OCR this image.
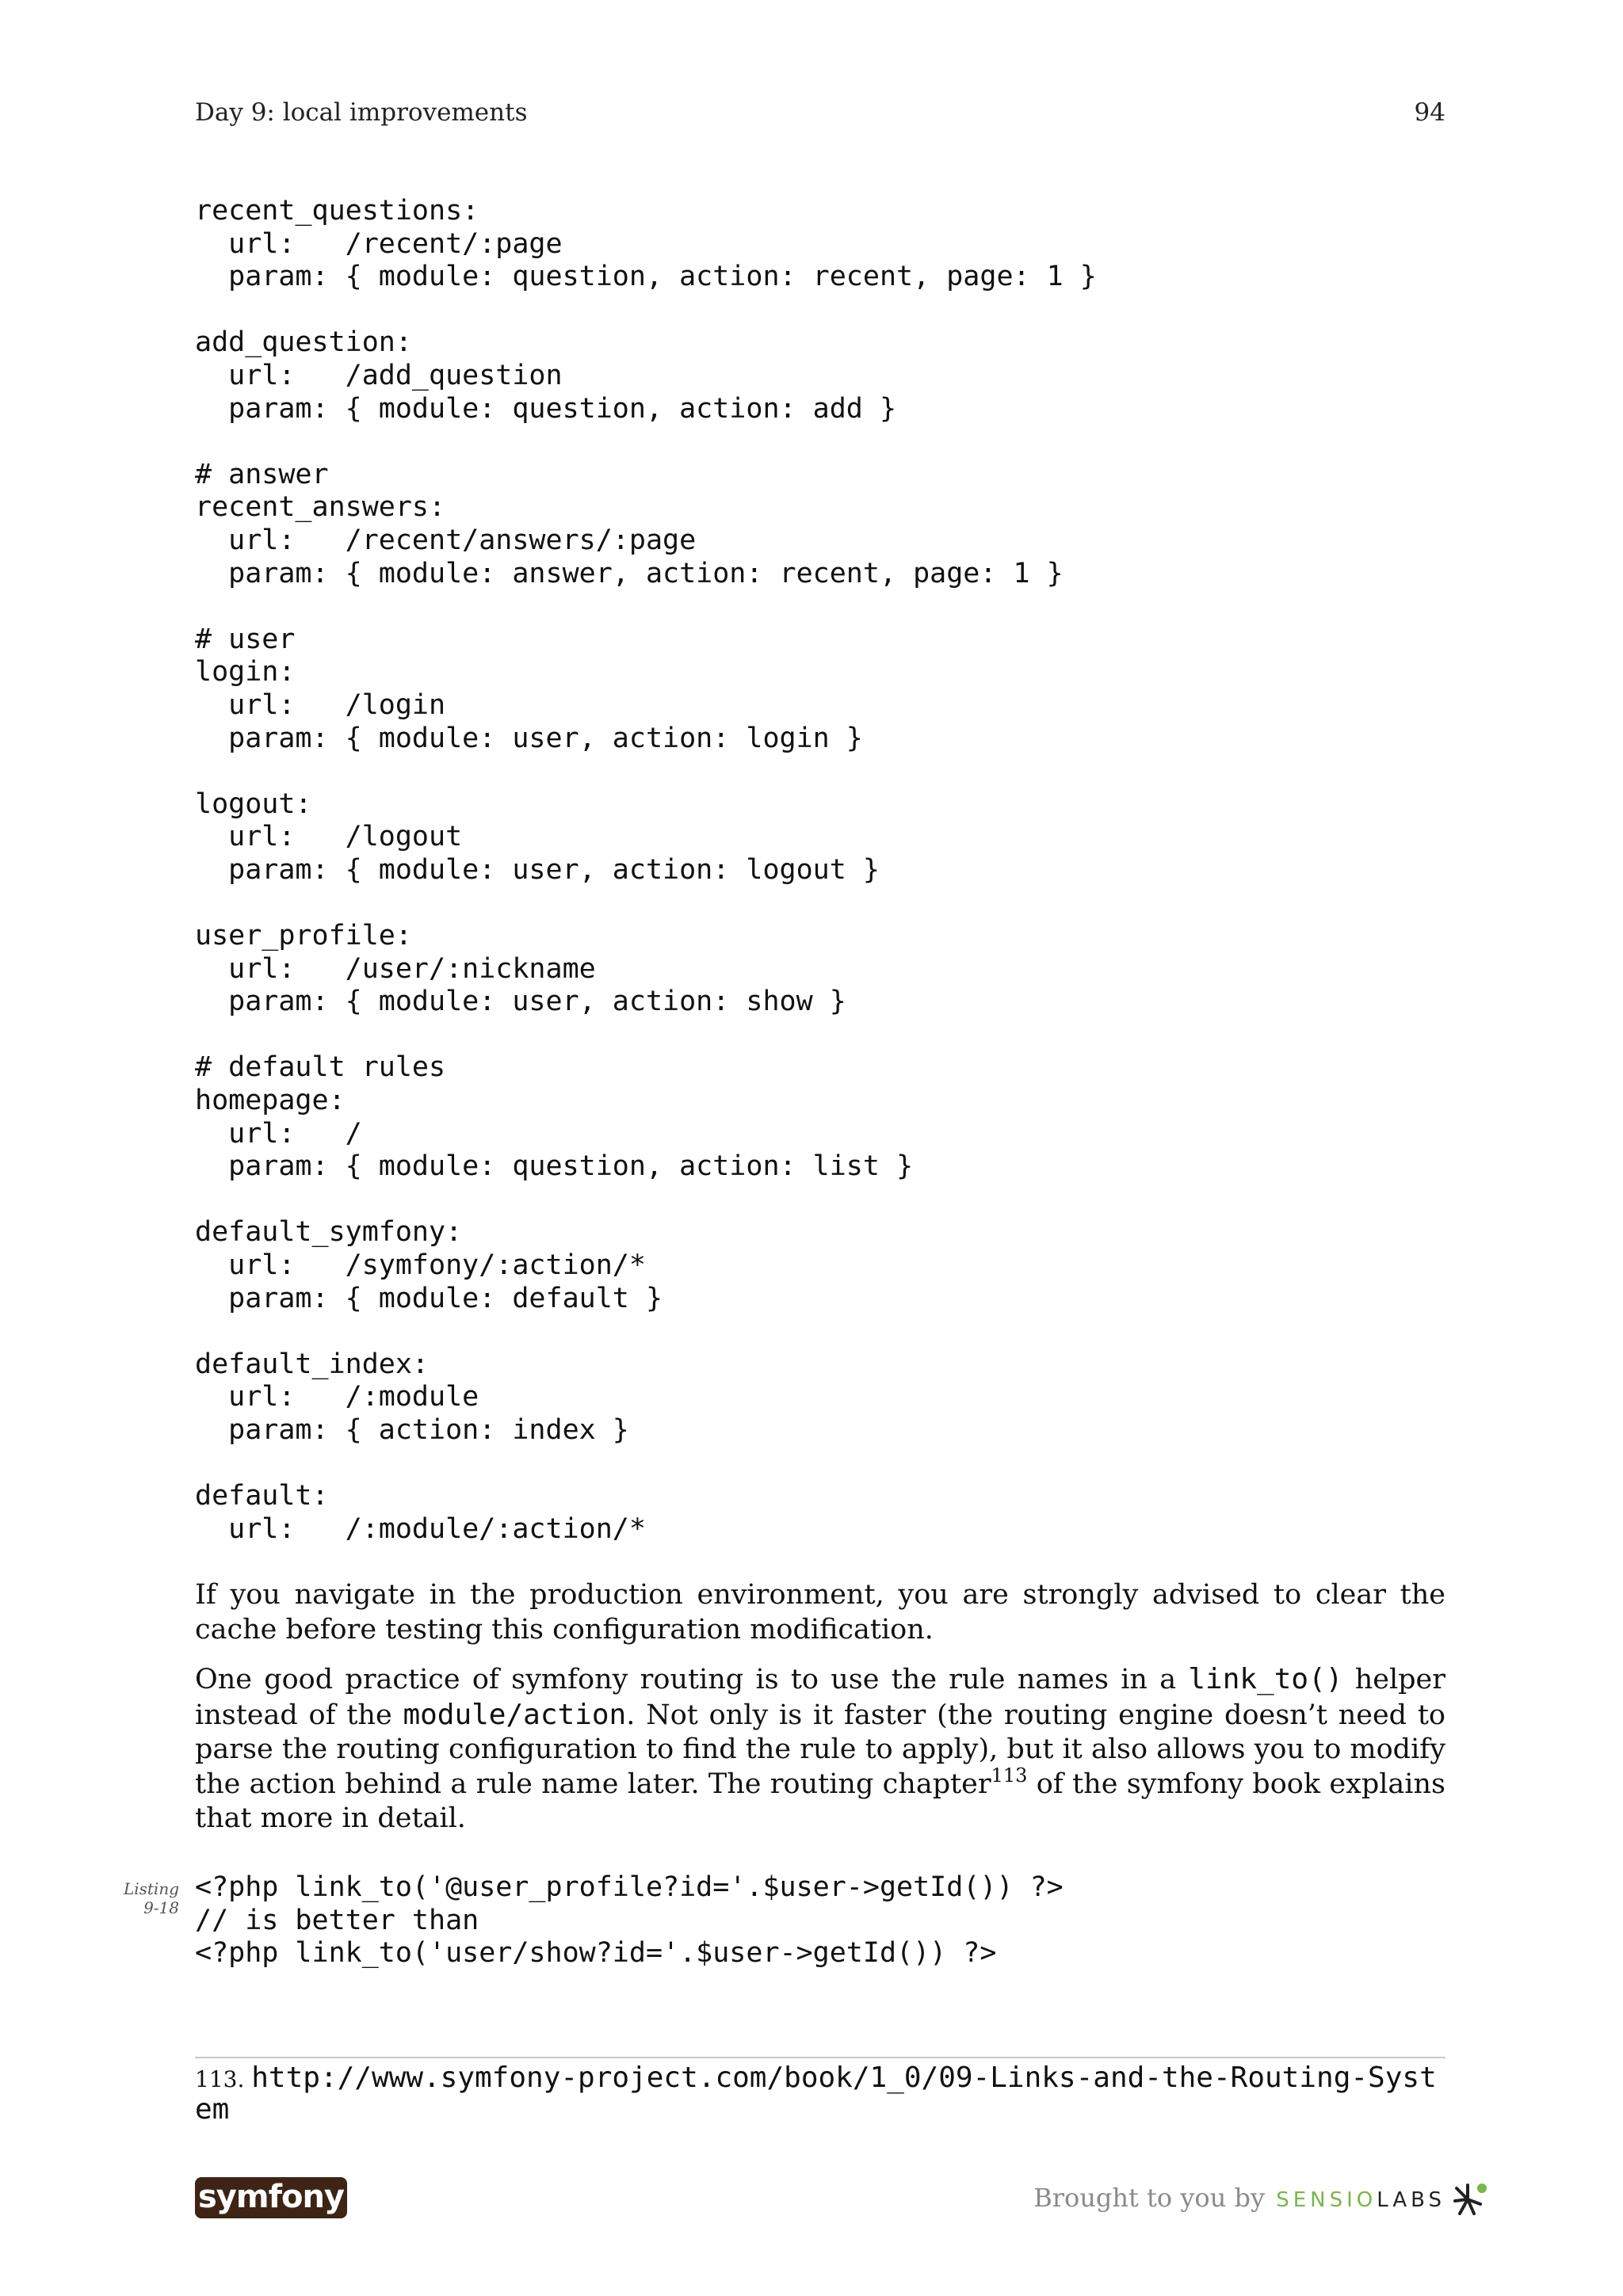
Day 9: local improvements	94
recent_questions:
url:   /recent/:page
param: { module: question, action: recent, page: 1 }

add_question:
url:   /add_question
param: { module: question, action: add }

# answer
recent_answers:
url:   /recent/answers/:page
param: { module: answer, action: recent, page: 1 }

# user
login:
url:   /login
param: { module: user, action: login }

logout:
url:   /logout
param: { module: user, action: logout }

user_profile:
url:   /user/:nickname
param: { module: user, action: show }

# default rules
homepage:
url:   /
param: { module: question, action: list }

default_symfony:
url:   /symfony/:action/*
param: { module: default }

default_index:
url:   /:module
param: { action: index }

default:
url:   /:module/:action/*

If you navigate in the production environment, you are strongly advised to clear the cache before testing this configuration modification.

One good practice of symfony routing is to use the rule names in a link_to() helper instead of the module/action. Not only is it faster (the routing engine doesn’t need to parse the routing configuration to find the rule to apply), but it also allows you to modify the action behind a rule name later. The routing chapter$^{113}$ of the symfony book explains that more in detail.

Listing
9-18
<?php link_to('@user_profile?id='.$user->getId()) ?>
// is better than
<?php link_to('user/show?id='.$user->getId()) ?>

113. http://www.symfony-project.com/book/1_0/09-Links-and-the-Routing-System

symfony	Brought to you by SENSIOLABS
